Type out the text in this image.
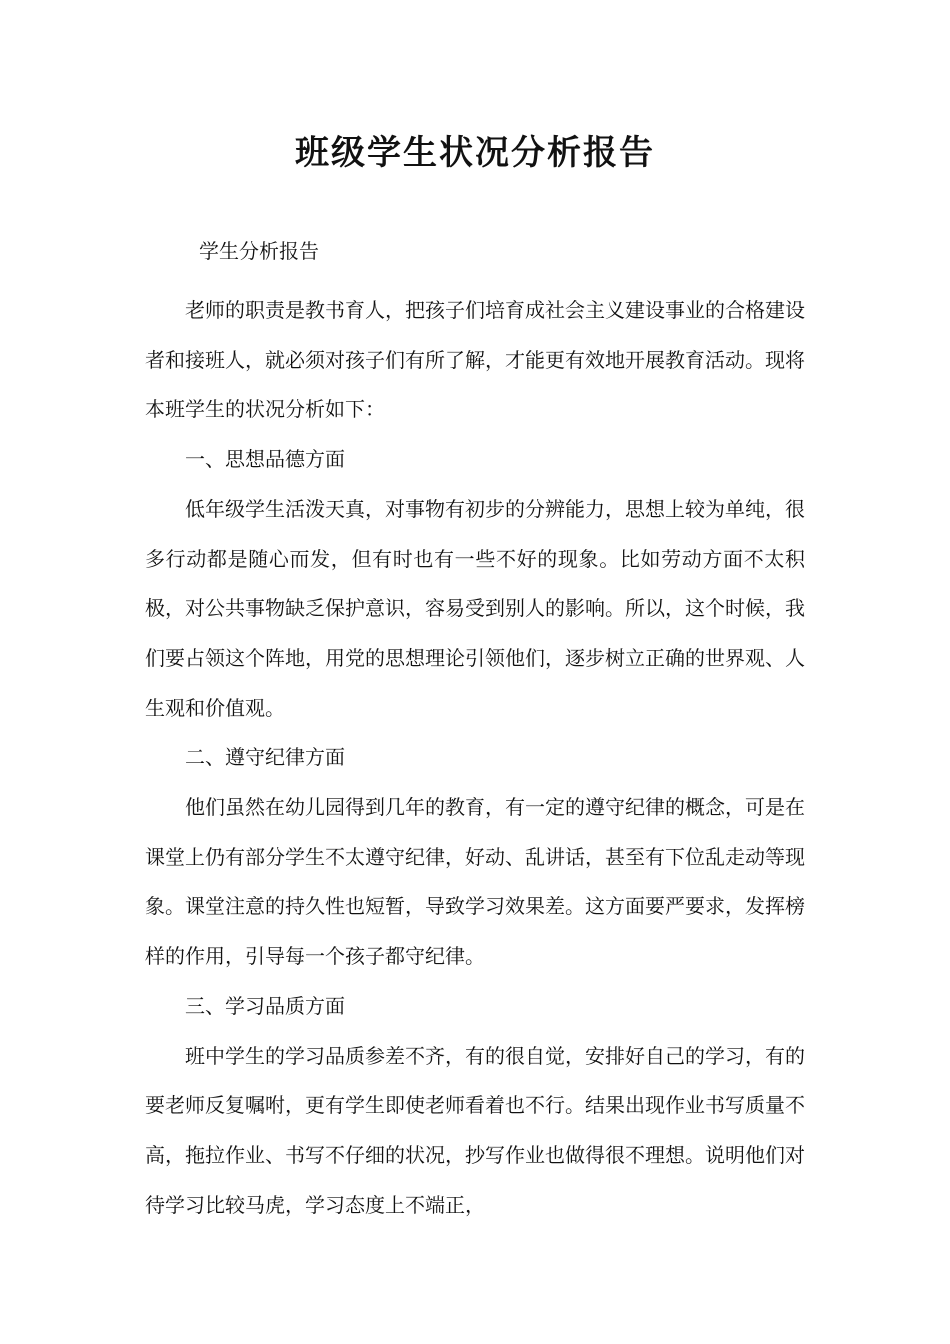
班级学生状况分析报告

学生分析报告

老师的职责是教书育人，把孩子们培育成社会主义建设事业的合格建设者和接班人，就必须对孩子们有所了解，才能更有效地开展教育活动。现将本班学生的状况分析如下：

一、思想品德方面

低年级学生活泼天真，对事物有初步的分辨能力，思想上较为单纯，很多行动都是随心而发，但有时也有一些不好的现象。比如劳动方面不太积极，对公共事物缺乏保护意识，容易受到别人的影响。所以，这个时候，我们要占领这个阵地，用党的思想理论引领他们，逐步树立正确的世界观、人生观和价值观。

二、遵守纪律方面

他们虽然在幼儿园得到几年的教育，有一定的遵守纪律的概念，可是在课堂上仍有部分学生不太遵守纪律，好动、乱讲话，甚至有下位乱走动等现象。课堂注意的持久性也短暂，导致学习效果差。这方面要严要求，发挥榜样的作用，引导每一个孩子都守纪律。

三、学习品质方面

班中学生的学习品质参差不齐，有的很自觉，安排好自己的学习，有的要老师反复嘱咐，更有学生即使老师看着也不行。结果出现作业书写质量不高，拖拉作业、书写不仔细的状况，抄写作业也做得很不理想。说明他们对待学习比较马虎，学习态度上不端正，
